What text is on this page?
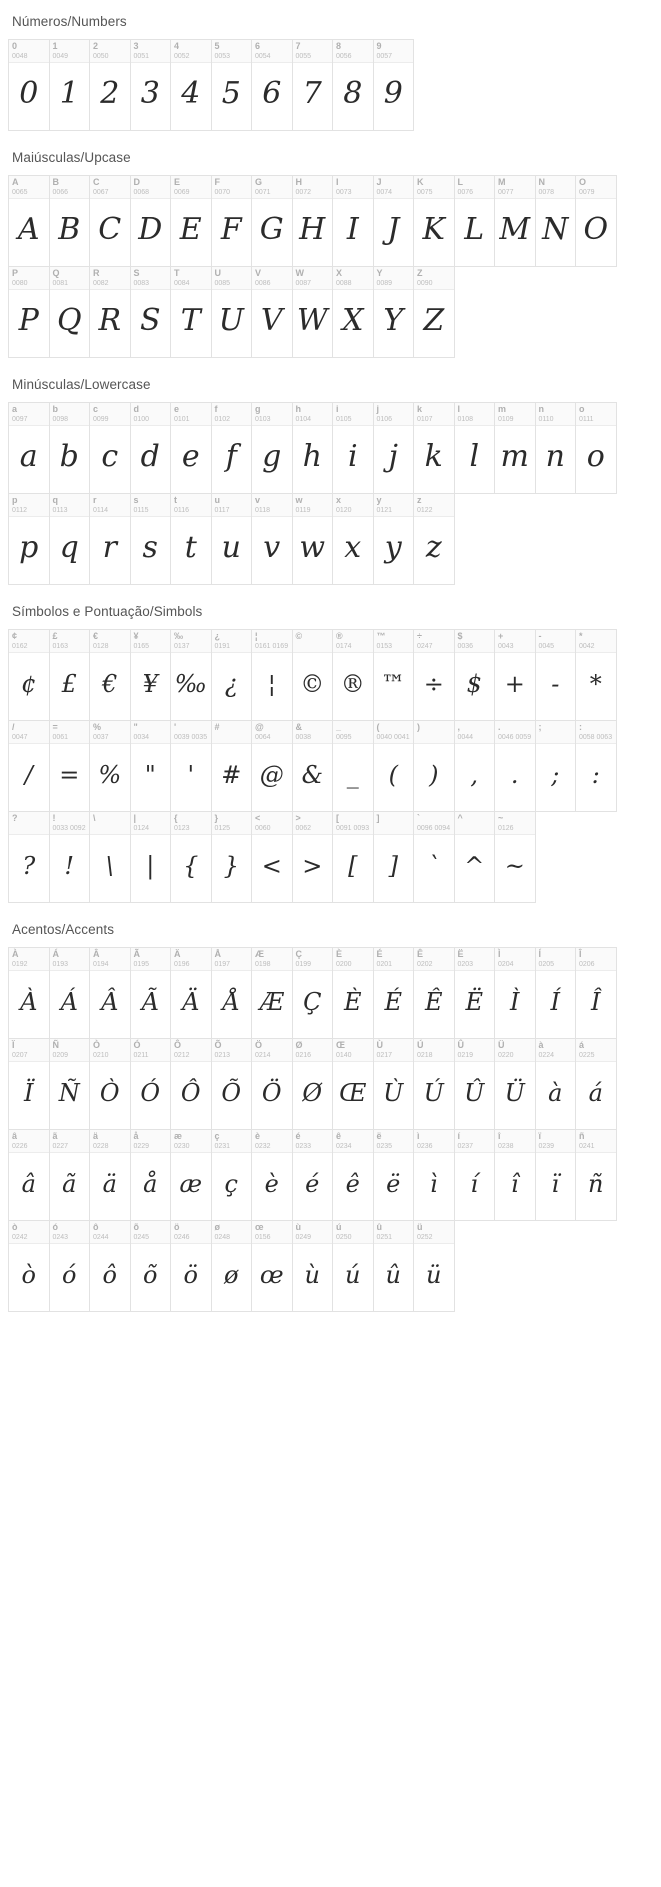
Números/Numbers
0
0048
0
1
0049
1
2
0050
2
3
0051
3
4
0052
4
5
0053
5
6
0054
6
7
0055
7
8
0056
8
9
0057
9
Maiúsculas/Upcase
A
0065
A
B
0066
B
C
0067
C
D
0068
D
E
0069
E
F
0070
F
G
0071
G
H
0072
H
I
0073
I
J
0074
J
K
0075
K
L
0076
L
M
0077
M
N
0078
N
O
0079
O
P
0080
P
Q
0081
Q
R
0082
R
S
0083
S
T
0084
T
U
0085
U
V
0086
V
W
0087
W
X
0088
X
Y
0089
Y
Z
0090
Z
Minúsculas/Lowercase
a
0097
a
b
0098
b
c
0099
c
d
0100
d
e
0101
e
f
0102
f
g
0103
g
h
0104
h
i
0105
i
j
0106
j
k
0107
k
l
0108
l
m
0109
m
n
0110
n
o
0111
o
p
0112
p
q
0113
q
r
0114
r
s
0115
s
t
0116
t
u
0117
u
v
0118
v
w
0119
w
x
0120
x
y
0121
y
z
0122
z
Símbolos e Pontuação/Simbols
¢
0162
¢
£
0163
£
€
0128
€
¥
0165
¥
‰
0137
‰
¿
0191
¿
¦
0161 0169
¦
©
©
®
0174
®
™
0153
™
÷
0247
÷
$
0036
$
+
0043
+
-
0045
-
*
0042
*
/
0047
/
=
0061
=
%
0037
%
"
0034
"
'
0039 0035
'
#
#
@
0064
@
&
0038
&
_
0095
_
(
0040 0041
(
)
)
,
0044
,
.
0046 0059
.
;
;
:
0058 0063
:
?
?
!
0033 0092
!
\
\
|
0124
|
{
0123
{
}
0125
}
<
0060
<
>
0062
>
[
0091 0093
[
]
]
`
0096 0094
`
^
^
~
0126
~
Acentos/Accents
À
0192
À
Á
0193
Á
Â
0194
Â
Ã
0195
Ã
Ä
0196
Ä
Å
0197
Å
Æ
0198
Æ
Ç
0199
Ç
È
0200
È
É
0201
É
Ê
0202
Ê
Ë
0203
Ë
Ì
0204
Ì
Í
0205
Í
Î
0206
Î
Ï
0207
Ï
Ñ
0209
Ñ
Ò
0210
Ò
Ó
0211
Ó
Ô
0212
Ô
Õ
0213
Õ
Ö
0214
Ö
Ø
0216
Ø
Œ
0140
Œ
Ù
0217
Ù
Ú
0218
Ú
Û
0219
Û
Ü
0220
Ü
à
0224
à
á
0225
á
â
0226
â
ã
0227
ã
ä
0228
ä
å
0229
å
æ
0230
æ
ç
0231
ç
è
0232
è
é
0233
é
ê
0234
ê
ë
0235
ë
ì
0236
ì
í
0237
í
î
0238
î
ï
0239
ï
ñ
0241
ñ
ò
0242
ò
ó
0243
ó
ô
0244
ô
õ
0245
õ
ö
0246
ö
ø
0248
ø
œ
0156
œ
ù
0249
ù
ú
0250
ú
û
0251
û
ü
0252
ü
